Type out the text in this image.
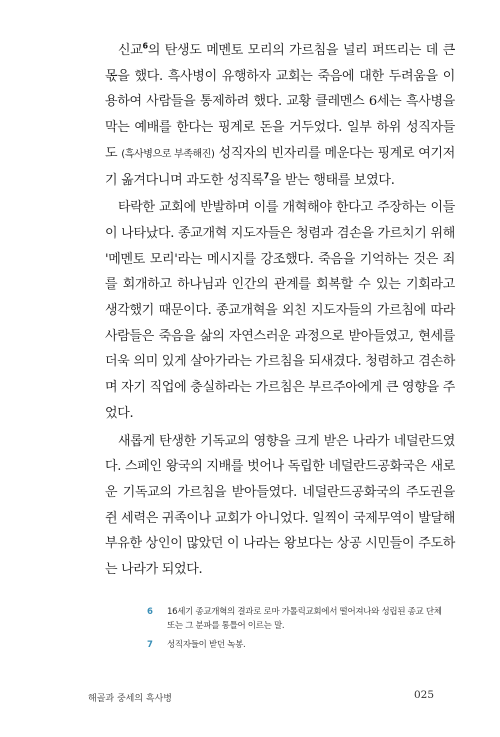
신교$^6$의 탄생도 메멘토 모리의 가르침을 널리 퍼뜨리는 데 큰 몫을 했다. 흑사병이 유행하자 교회는 죽음에 대한 두려움을 이용하여 사람들을 통제하려 했다. 교황 클레멘스 6세는 흑사병을 막는 예배를 한다는 핑계로 돈을 거두었다. 일부 하위 성직자들도 (흑사병으로 부족해진) 성직자의 빈자리를 메운다는 핑계로 여기저기 옮겨다니며 과도한 성직록$^7$을 받는 행태를 보였다.

타락한 교회에 반발하며 이를 개혁해야 한다고 주장하는 이들이 나타났다. 종교개혁 지도자들은 청렴과 겸손을 가르치기 위해 '메멘토 모리'라는 메시지를 강조했다. 죽음을 기억하는 것은 죄를 회개하고 하나님과 인간의 관계를 회복할 수 있는 기회라고 생각했기 때문이다. 종교개혁을 외친 지도자들의 가르침에 따라 사람들은 죽음을 삶의 자연스러운 과정으로 받아들였고, 현세를 더욱 의미 있게 살아가라는 가르침을 되새겼다. 청렴하고 겸손하며 자기 직업에 충실하라는 가르침은 부르주아에게 큰 영향을 주었다.

새롭게 탄생한 기독교의 영향을 크게 받은 나라가 네덜란드였다. 스페인 왕국의 지배를 벗어나 독립한 네덜란드공화국은 새로운 기독교의 가르침을 받아들였다. 네덜란드공화국의 주도권을 쥔 세력은 귀족이나 교회가 아니었다. 일찍이 국제무역이 발달해 부유한 상인이 많았던 이 나라는 왕보다는 상공 시민들이 주도하는 나라가 되었다.

6 16세기 종교개혁의 결과로 로마 가톨릭교회에서 떨어져나와 성립된 종교 단체 또는 그 분파를 통틀어 이르는 말.
7 성직자들이 받던 녹봉.
해골과 중세의 흑사병	025
